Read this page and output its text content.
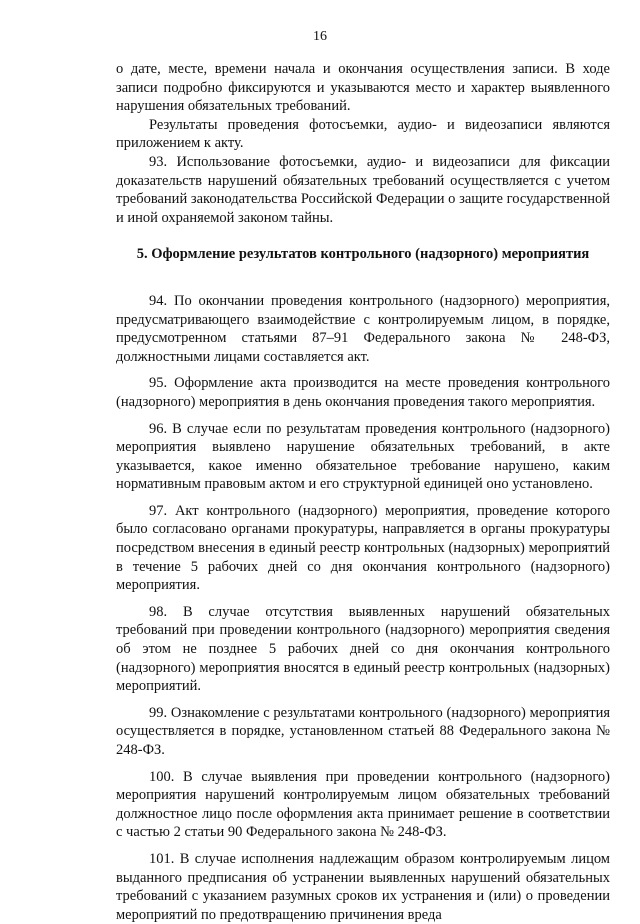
16

о дате, месте, времени начала и окончания осуществления записи. В ходе записи подробно фиксируются и указываются место и характер выявленного нарушения обязательных требований.

Результаты проведения фотосъемки, аудио- и видеозаписи являются приложением к акту.

93. Использование фотосъемки, аудио- и видеозаписи для фиксации доказательств нарушений обязательных требований осуществляется с учетом требований законодательства Российской Федерации о защите государственной и иной охраняемой законом тайны.

5. Оформление результатов контрольного (надзорного) мероприятия

94. По окончании проведения контрольного (надзорного) мероприятия, предусматривающего взаимодействие с контролируемым лицом, в порядке, предусмотренном статьями 87–91 Федерального закона № 248-ФЗ, должностными лицами составляется акт.

95. Оформление акта производится на месте проведения контрольного (надзорного) мероприятия в день окончания проведения такого мероприятия.

96. В случае если по результатам проведения контрольного (надзорного) мероприятия выявлено нарушение обязательных требований, в акте указывается, какое именно обязательное требование нарушено, каким нормативным правовым актом и его структурной единицей оно установлено.

97. Акт контрольного (надзорного) мероприятия, проведение которого было согласовано органами прокуратуры, направляется в органы прокуратуры посредством внесения в единый реестр контрольных (надзорных) мероприятий в течение 5 рабочих дней со дня окончания контрольного (надзорного) мероприятия.

98. В случае отсутствия выявленных нарушений обязательных требований при проведении контрольного (надзорного) мероприятия сведения об этом не позднее 5 рабочих дней со дня окончания контрольного (надзорного) мероприятия вносятся в единый реестр контрольных (надзорных) мероприятий.

99. Ознакомление с результатами контрольного (надзорного) мероприятия осуществляется в порядке, установленном статьей 88 Федерального закона № 248-ФЗ.

100. В случае выявления при проведении контрольного (надзорного) мероприятия нарушений контролируемым лицом обязательных требований должностное лицо после оформления акта принимает решение в соответствии с частью 2 статьи 90 Федерального закона № 248-ФЗ.

101. В случае исполнения надлежащим образом контролируемым лицом выданного предписания об устранении выявленных нарушений обязательных требований с указанием разумных сроков их устранения и (или) о проведении мероприятий по предотвращению причинения вреда
